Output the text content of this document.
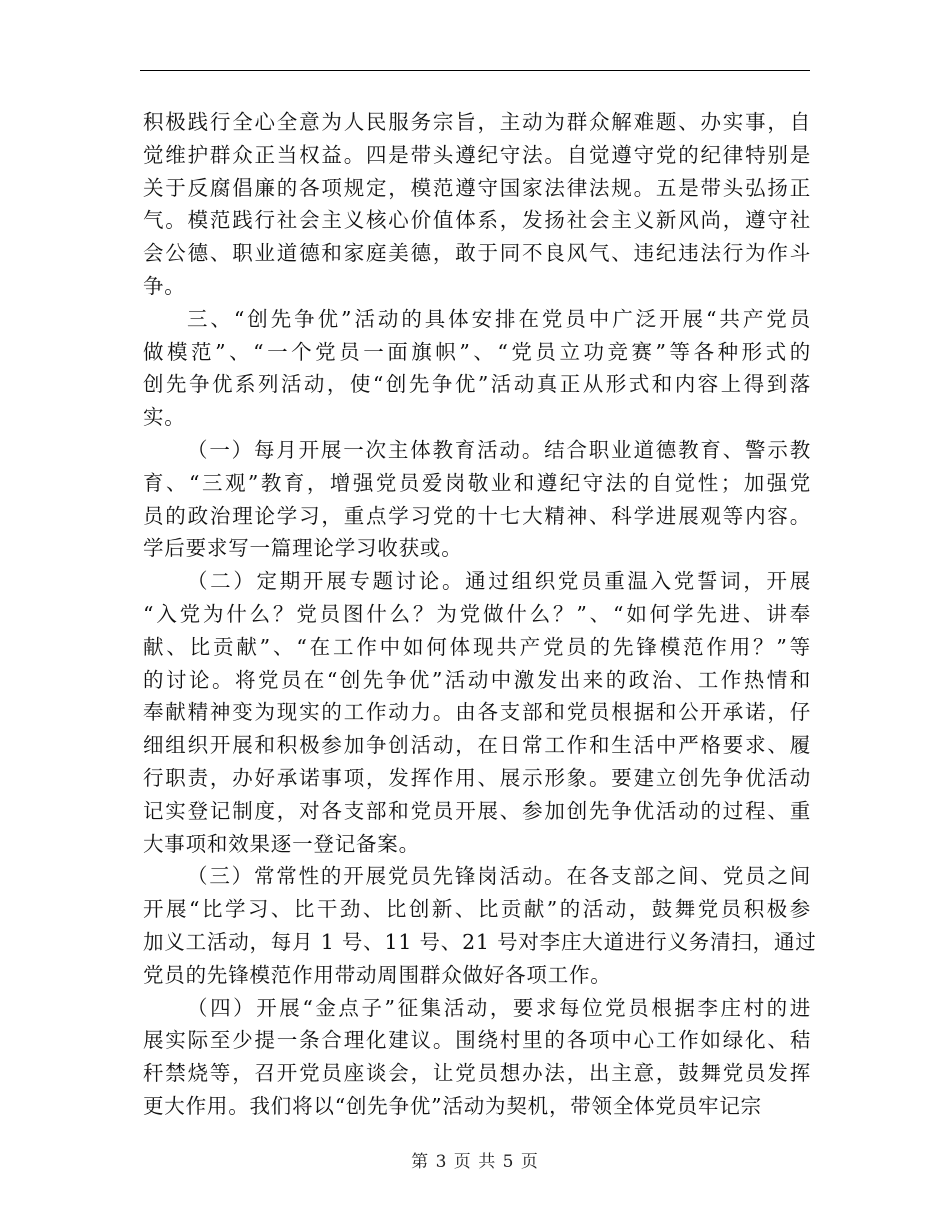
积极践行全心全意为人民服务宗旨，主动为群众解难题、办实事，自
觉维护群众正当权益。四是带头遵纪守法。自觉遵守党的纪律特别是
关于反腐倡廉的各项规定，模范遵守国家法律法规。五是带头弘扬正
气。模范践行社会主义核心价值体系，发扬社会主义新风尚，遵守社
会公德、职业道德和家庭美德，敢于同不良风气、违纪违法行为作斗
争。
三、“创先争优”活动的具体安排在党员中广泛开展“共产党员
做模范”、“一个党员一面旗帜”、“党员立功竞赛”等各种形式的
创先争优系列活动，使“创先争优”活动真正从形式和内容上得到落
实。
（一）每月开展一次主体教育活动。结合职业道德教育、警示教
育、“三观”教育，增强党员爱岗敬业和遵纪守法的自觉性；加强党
员的政治理论学习，重点学习党的十七大精神、科学进展观等内容。
学后要求写一篇理论学习收获或。
（二）定期开展专题讨论。通过组织党员重温入党誓词，开展
“入党为什么？党员图什么？为党做什么？”、“如何学先进、讲奉
献、比贡献”、“在工作中如何体现共产党员的先锋模范作用？”等
的讨论。将党员在“创先争优”活动中激发出来的政治、工作热情和
奉献精神变为现实的工作动力。由各支部和党员根据和公开承诺，仔
细组织开展和积极参加争创活动，在日常工作和生活中严格要求、履
行职责，办好承诺事项，发挥作用、展示形象。要建立创先争优活动
记实登记制度，对各支部和党员开展、参加创先争优活动的过程、重
大事项和效果逐一登记备案。
（三）常常性的开展党员先锋岗活动。在各支部之间、党员之间
开展“比学习、比干劲、比创新、比贡献”的活动，鼓舞党员积极参
加义工活动，每月 1 号、11 号、21 号对李庄大道进行义务清扫，通过
党员的先锋模范作用带动周围群众做好各项工作。
（四）开展“金点子”征集活动，要求每位党员根据李庄村的进
展实际至少提一条合理化建议。围绕村里的各项中心工作如绿化、秸
秆禁烧等，召开党员座谈会，让党员想办法，出主意，鼓舞党员发挥
更大作用。我们将以“创先争优”活动为契机，带领全体党员牢记宗
第 3 页 共 5 页
